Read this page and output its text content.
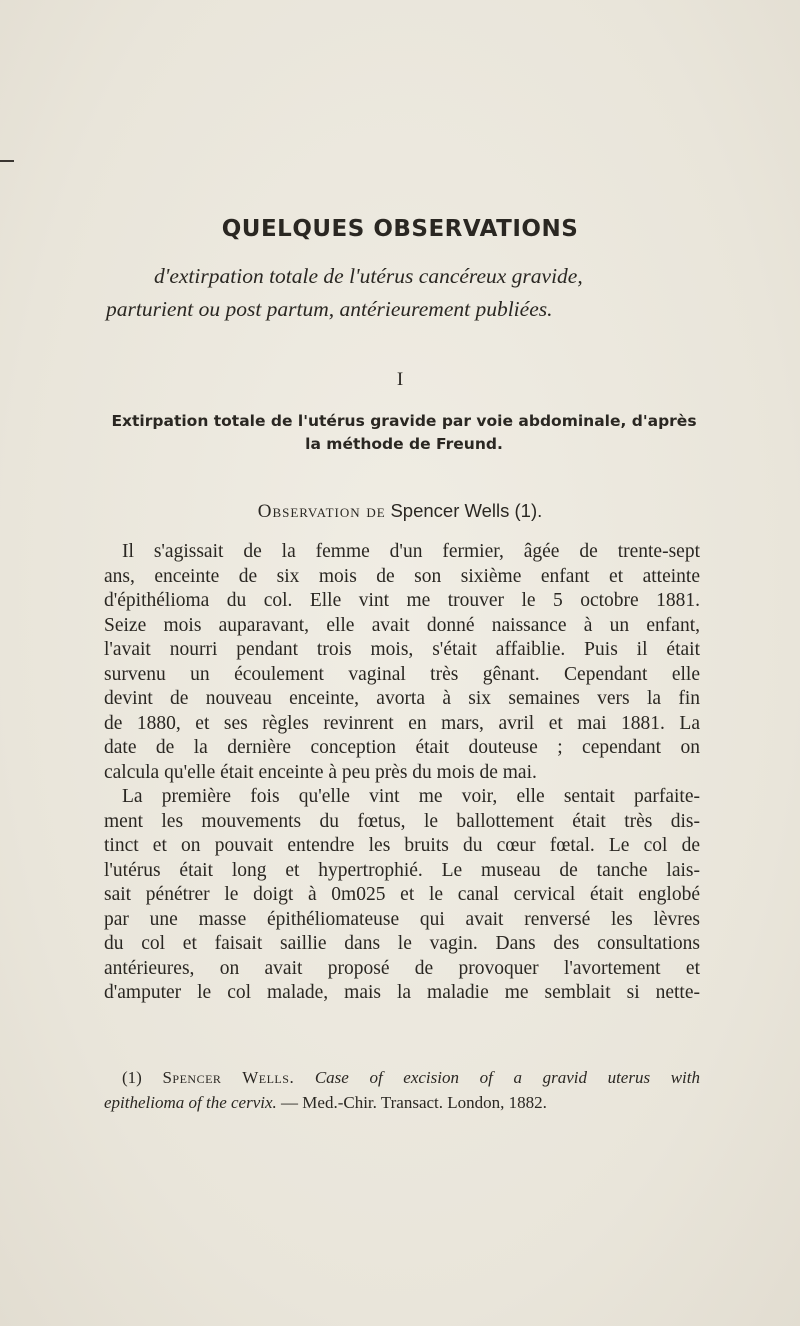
QUELQUES OBSERVATIONS
d'extirpation totale de l'utérus cancéreux gravide,
parturient ou post partum, antérieurement publiées.
I
Extirpation totale de l'utérus gravide par voie abdominale, d'après
la méthode de Freund.
Observation de Spencer Wells (1).
Il s'agissait de la femme d'un fermier, âgée de trente-sept
ans, enceinte de six mois de son sixième enfant et atteinte
d'épithélioma du col. Elle vint me trouver le 5 octobre 1881.
Seize mois auparavant, elle avait donné naissance à un enfant,
l'avait nourri pendant trois mois, s'était affaiblie. Puis il était
survenu un écoulement vaginal très gênant. Cependant elle
devint de nouveau enceinte, avorta à six semaines vers la fin
de 1880, et ses règles revinrent en mars, avril et mai 1881. La
date de la dernière conception était douteuse ; cependant on
calcula qu'elle était enceinte à peu près du mois de mai.
La première fois qu'elle vint me voir, elle sentait parfaite-
ment les mouvements du fœtus, le ballottement était très dis-
tinct et on pouvait entendre les bruits du cœur fœtal. Le col de
l'utérus était long et hypertrophié. Le museau de tanche lais-
sait pénétrer le doigt à 0m025 et le canal cervical était englobé
par une masse épithéliomateuse qui avait renversé les lèvres
du col et faisait saillie dans le vagin. Dans des consultations
antérieures, on avait proposé de provoquer l'avortement et
d'amputer le col malade, mais la maladie me semblait si nette-
(1) Spencer Wells. Case of excision of a gravid uterus with
epithelioma of the cervix. — Med.-Chir. Transact. London, 1882.
